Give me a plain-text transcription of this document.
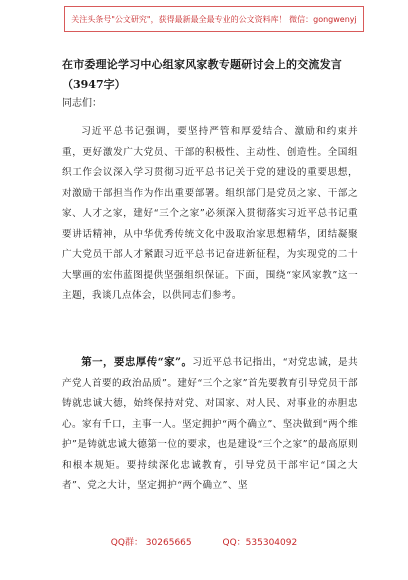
关注头条号"公文研究"，获得最新最全最专业的公文资料库！ 微信：gongwenyj
在市委理论学习中心组家风家教专题研讨会上的交流发言
（3947字）
同志们：

习近平总书记强调，要坚持严管和厚爱结合、激励和约束并重，更好激发广大党员、干部的积极性、主动性、创造性。全国组织工作会议深入学习贯彻习近平总书记关于党的建设的重要思想，对激励干部担当作为作出重要部署。组织部门是党员之家、干部之家、人才之家，建好“三个之家”必须深入贯彻落实习近平总书记重要讲话精神，从中华优秀传统文化中汲取治家思想精华，团结凝聚广大党员干部人才紧跟习近平总书记奋进新征程，为实现党的二十大擘画的宏伟蓝图提供坚强组织保证。下面，围绕“家风家教”这一主题，我谈几点体会，以供同志们参考。

第一，要忠厚传“家”。习近平总书记指出，“对党忠诚，是共产党人首要的政治品质”。建好“三个之家”首先要教育引导党员干部铸就忠诚大德，始终保持对党、对国家、对人民、对事业的赤胆忠心。家有千口，主事一人。坚定拥护“两个确立”、坚决做到“两个维护”是铸就忠诚大德第一位的要求，也是建设“三个之家”的最高原则和根本规矩。要持续深化忠诚教育，引导党员干部牢记“国之大者”、党之大计，坚定拥护“两个确立”、坚

QQ群： 30265665	QQ：535304092
